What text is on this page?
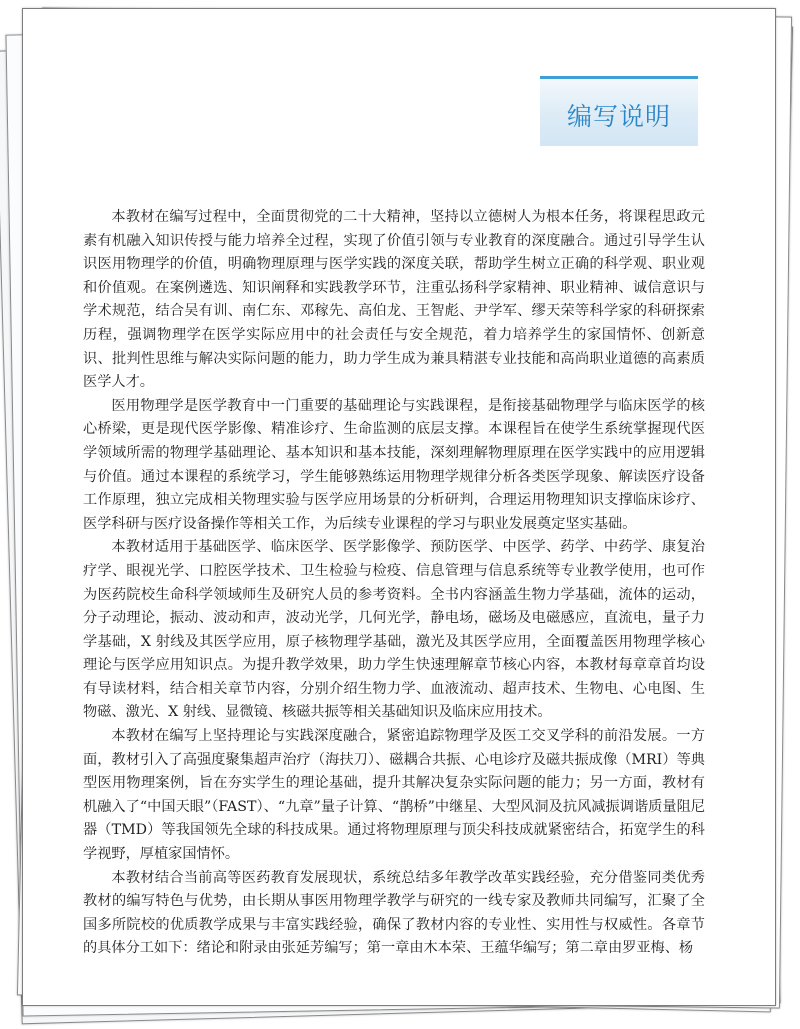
编写说明

本教材在编写过程中，全面贯彻党的二十大精神，坚持以立德树人为根本任务，将课程思政元素有机融入知识传授与能力培养全过程，实现了价值引领与专业教育的深度融合。通过引导学生认识医用物理学的价值，明确物理原理与医学实践的深度关联，帮助学生树立正确的科学观、职业观和价值观。在案例遴选、知识阐释和实践教学环节，注重弘扬科学家精神、职业精神、诚信意识与学术规范，结合吴有训、南仁东、邓稼先、高伯龙、王智彪、尹学军、缪天荣等科学家的科研探索历程，强调物理学在医学实际应用中的社会责任与安全规范，着力培养学生的家国情怀、创新意识、批判性思维与解决实际问题的能力，助力学生成为兼具精湛专业技能和高尚职业道德的高素质医学人才。

医用物理学是医学教育中一门重要的基础理论与实践课程，是衔接基础物理学与临床医学的核心桥梁，更是现代医学影像、精准诊疗、生命监测的底层支撑。本课程旨在使学生系统掌握现代医学领域所需的物理学基础理论、基本知识和基本技能，深刻理解物理原理在医学实践中的应用逻辑与价值。通过本课程的系统学习，学生能够熟练运用物理学规律分析各类医学现象、解读医疗设备工作原理，独立完成相关物理实验与医学应用场景的分析研判，合理运用物理知识支撑临床诊疗、医学科研与医疗设备操作等相关工作，为后续专业课程的学习与职业发展奠定坚实基础。

本教材适用于基础医学、临床医学、医学影像学、预防医学、中医学、药学、中药学、康复治疗学、眼视光学、口腔医学技术、卫生检验与检疫、信息管理与信息系统等专业教学使用，也可作为医药院校生命科学领域师生及研究人员的参考资料。全书内容涵盖生物力学基础，流体的运动，分子动理论，振动、波动和声，波动光学，几何光学，静电场，磁场及电磁感应，直流电，量子力学基础，X 射线及其医学应用，原子核物理学基础，激光及其医学应用，全面覆盖医用物理学核心理论与医学应用知识点。为提升教学效果，助力学生快速理解章节核心内容，本教材每章章首均设有导读材料，结合相关章节内容，分别介绍生物力学、血液流动、超声技术、生物电、心电图、生物磁、激光、X 射线、显微镜、核磁共振等相关基础知识及临床应用技术。

本教材在编写上坚持理论与实践深度融合，紧密追踪物理学及医工交叉学科的前沿发展。一方面，教材引入了高强度聚集超声治疗（海扶刀）、磁耦合共振、心电诊疗及磁共振成像（MRI）等典型医用物理案例，旨在夯实学生的理论基础，提升其解决复杂实际问题的能力；另一方面，教材有机融入了“中国天眼”（FAST）、“九章”量子计算、“鹊桥”中继星、大型风洞及抗风减振调谐质量阻尼器（TMD）等我国领先全球的科技成果。通过将物理原理与顶尖科技成就紧密结合，拓宽学生的科学视野，厚植家国情怀。

本教材结合当前高等医药教育发展现状，系统总结多年教学改革实践经验，充分借鉴同类优秀教材的编写特色与优势，由长期从事医用物理学教学与研究的一线专家及教师共同编写，汇聚了全国多所院校的优质教学成果与丰富实践经验，确保了教材内容的专业性、实用性与权威性。各章节的具体分工如下：绪论和附录由张延芳编写；第一章由木本荣、王蕴华编写；第二章由罗亚梅、杨
